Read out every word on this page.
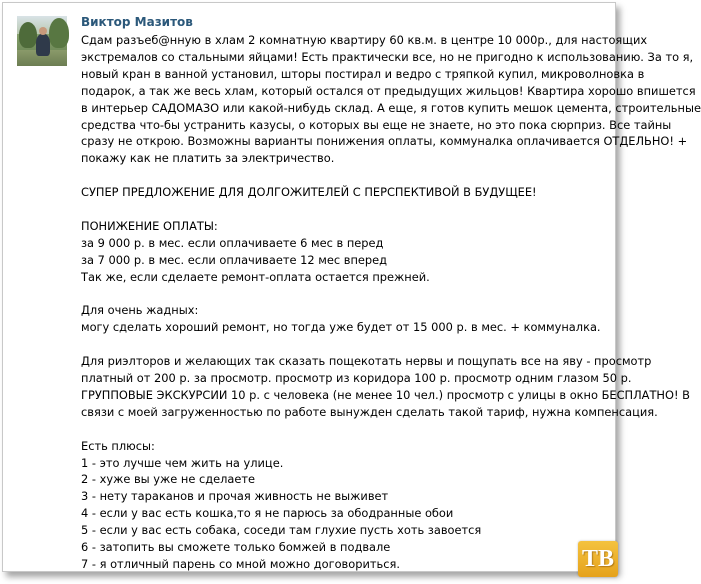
Виктор Мазитов

Сдам разъеб@нную в хлам 2 комнатную квартиру 60 кв.м. в центре 10 000р., для настоящих

экстремалов со стальными яйцами! Есть практически все, но не пригодно к использованию. За то я,

новый кран в ванной установил, шторы постирал и ведро с тряпкой купил, микроволновка в

подарок, а так же весь хлам, который остался от предыдущих жильцов! Квартира хорошо впишется

в интерьер САДОМАЗО или какой-нибудь склад. А еще, я готов купить мешок цемента, строительные

средства что-бы устранить казусы, о которых вы еще не знаете, но это пока сюрприз. Все тайны

сразу не открою. Возможны варианты понижения оплаты, коммуналка оплачивается ОТДЕЛЬНО! +

покажу как не платить за электричество.

СУПЕР ПРЕДЛОЖЕНИЕ ДЛЯ ДОЛГОЖИТЕЛЕЙ С ПЕРСПЕКТИВОЙ В БУДУЩЕЕ!

ПОНИЖЕНИЕ ОПЛАТЫ:

за 9 000 р. в мес. если оплачиваете 6 мес в перед

за 7 000 р. в мес. если оплачиваете 12 мес вперед

Так же, если сделаете ремонт-оплата остается прежней.

Для очень жадных:

могу сделать хороший ремонт, но тогда уже будет от 15 000 р. в мес. + коммуналка.

Для риэлторов и желающих так сказать пощекотать нервы и пощупать все на яву - просмотр

платный от 200 р. за просмотр. просмотр из коридора 100 р. просмотр одним глазом 50 р.

ГРУППОВЫЕ ЭКСКУРСИИ 10 р. с человека (не менее 10 чел.) просмотр с улицы в окно БЕСПЛАТНО! В

связи с моей загруженностью по работе вынужден сделать такой тариф, нужна компенсация.

Есть плюсы:

1 - это лучше чем жить на улице.

2 - хуже вы уже не сделаете

3 - нету тараканов и прочая живность не выживет

4 - если у вас есть кошка,то я не парюсь за ободранные обои

5 - если у вас есть собака, соседи там глухие пусть хоть завоется

6 - затопить вы сможете только бомжей в подвале

7 - я отличный парень со мной можно договориться.	ТВ
